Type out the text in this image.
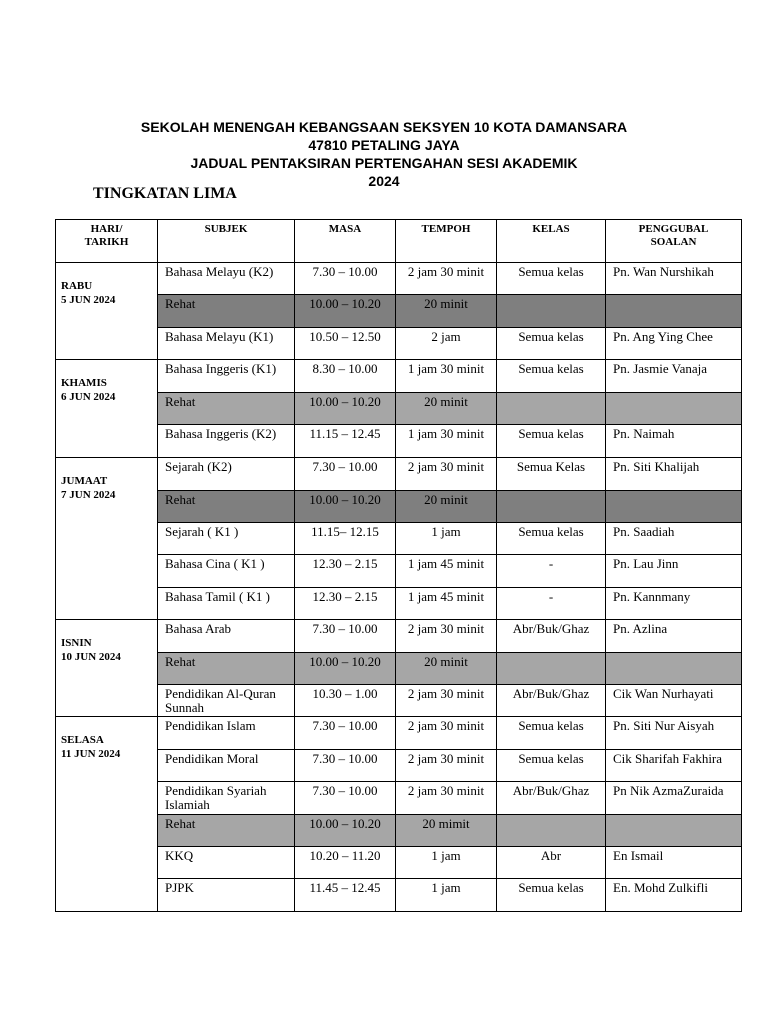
SEKOLAH MENENGAH KEBANGSAAN SEKSYEN 10 KOTA DAMANSARA
47810 PETALING JAYA
JADUAL PENTAKSIRAN PERTENGAHAN SESI AKADEMIK
2024
TINGKATAN LIMA
HARI/
TARIKH	SUBJEK	MASA	TEMPOH	KELAS	PENGGUBAL
SOALAN
RABU
5 JUN 2024	Bahasa Melayu (K2)	7.30 – 10.00	2 jam 30 minit	Semua kelas	Pn. Wan Nurshikah
	Rehat	10.00 – 10.20	20 minit		
	Bahasa Melayu (K1)	10.50 – 12.50	2 jam	Semua kelas	Pn. Ang Ying Chee
KHAMIS
6 JUN 2024	Bahasa Inggeris (K1)	8.30 – 10.00	1 jam 30 minit	Semua kelas	Pn. Jasmie Vanaja
	Rehat	10.00 – 10.20	20 minit		
	Bahasa Inggeris (K2)	11.15 – 12.45	1 jam 30 minit	Semua kelas	Pn. Naimah
JUMAAT
7 JUN 2024	Sejarah (K2)	7.30 – 10.00	2 jam 30 minit	Semua Kelas	Pn. Siti Khalijah
	Rehat	10.00 – 10.20	20 minit		
	Sejarah ( K1 )	11.15– 12.15	1 jam	Semua kelas	Pn. Saadiah
	Bahasa Cina ( K1 )	12.30 – 2.15	1 jam 45 minit	-	Pn. Lau Jinn
	Bahasa Tamil ( K1 )	12.30 – 2.15	1 jam 45 minit	-	Pn. Kannmany
ISNIN
10 JUN 2024	Bahasa Arab	7.30 – 10.00	2 jam 30 minit	Abr/Buk/Ghaz	Pn. Azlina
	Rehat	10.00 – 10.20	20 minit		
	Pendidikan Al-Quran Sunnah	10.30 – 1.00	2 jam 30 minit	Abr/Buk/Ghaz	Cik Wan Nurhayati
SELASA
11 JUN 2024	Pendidikan Islam	7.30 – 10.00	2 jam 30 minit	Semua kelas	Pn. Siti Nur Aisyah
	Pendidikan Moral	7.30 – 10.00	2 jam 30 minit	Semua kelas	Cik Sharifah Fakhira
	Pendidikan Syariah Islamiah	7.30 – 10.00	2 jam 30 minit	Abr/Buk/Ghaz	Pn Nik AzmaZuraida
	Rehat	10.00 – 10.20	20 mimit		
	KKQ	10.20 – 11.20	1 jam	Abr	En Ismail
	PJPK	11.45 – 12.45	1 jam	Semua kelas	En. Mohd Zulkifli
